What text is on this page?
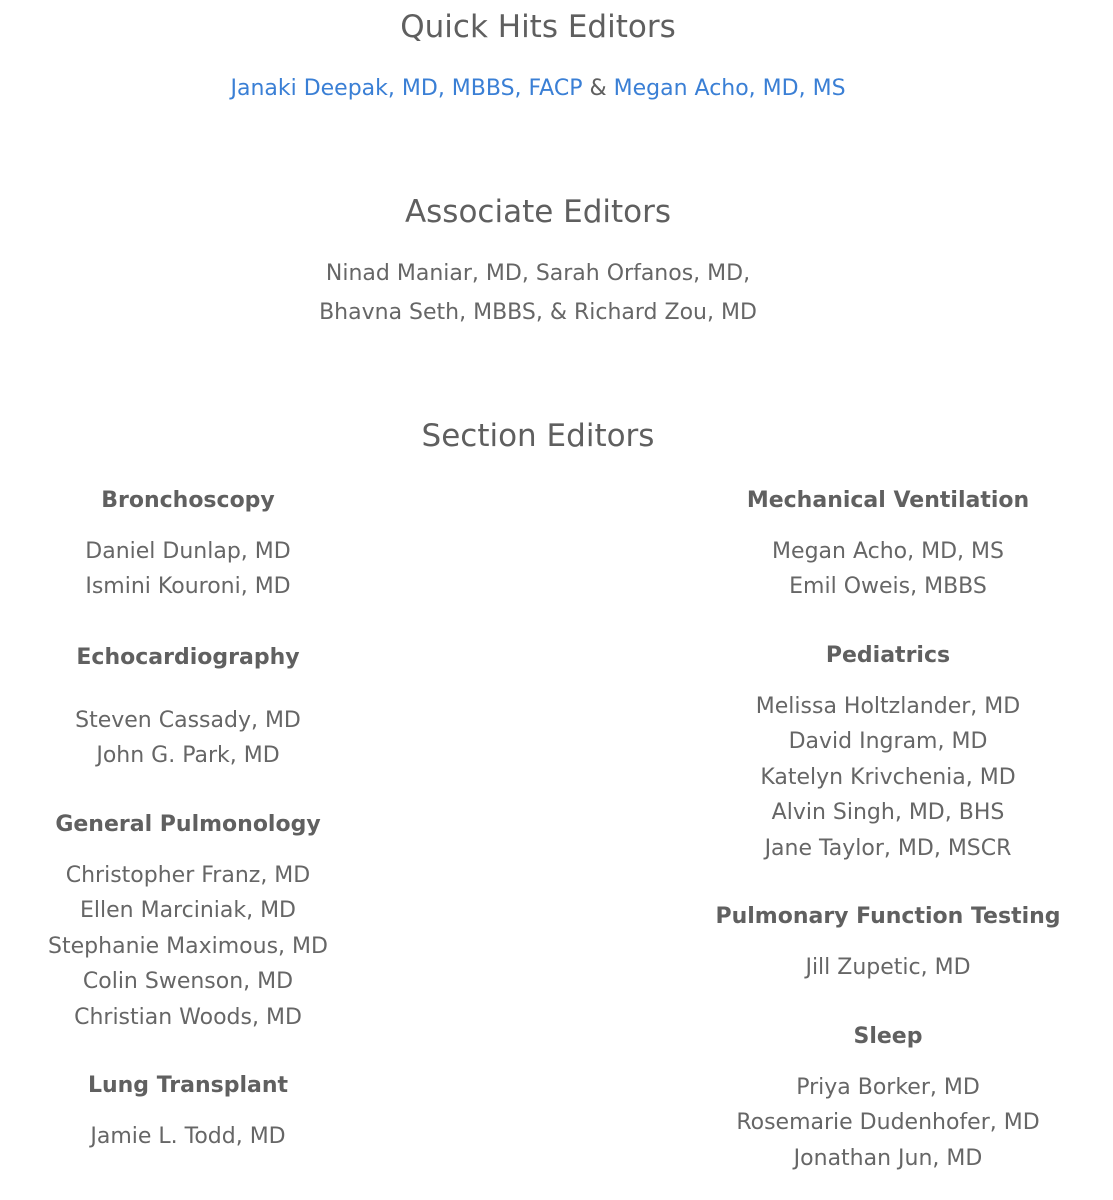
Quick Hits Editors
Janaki Deepak, MD, MBBS, FACP & Megan Acho, MD, MS
Associate Editors
Ninad Maniar, MD, Sarah Orfanos, MD,
Bhavna Seth, MBBS, & Richard Zou, MD
Section Editors
Bronchoscopy
Daniel Dunlap, MD
Ismini Kouroni, MD
Echocardiography
Steven Cassady, MD
John G. Park, MD
General Pulmonology
Christopher Franz, MD
Ellen Marciniak, MD
Stephanie Maximous, MD
Colin Swenson, MD
Christian Woods, MD
Lung Transplant
Jamie L. Todd, MD
Mechanical Ventilation
Megan Acho, MD, MS
Emil Oweis, MBBS
Pediatrics
Melissa Holtzlander, MD
David Ingram, MD
Katelyn Krivchenia, MD
Alvin Singh, MD, BHS
Jane Taylor, MD, MSCR
Pulmonary Function Testing
Jill Zupetic, MD
Sleep
Priya Borker, MD
Rosemarie Dudenhofer, MD
Jonathan Jun, MD
